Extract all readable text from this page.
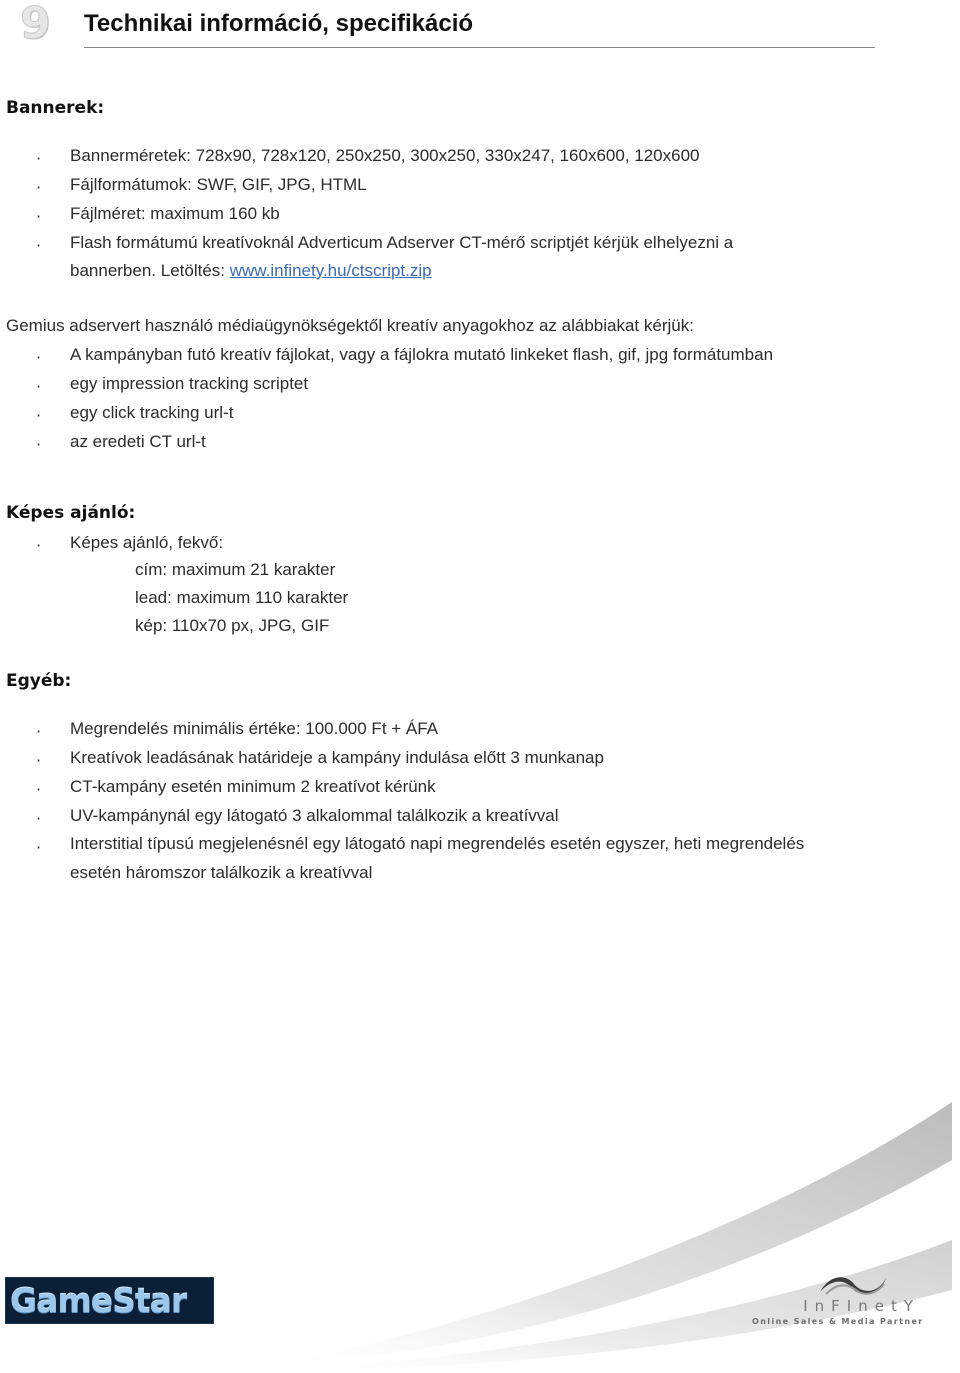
9 Technikai információ, specifikáció
Bannerek:
· Bannerméretek: 728x90, 728x120, 250x250, 300x250, 330x247, 160x600, 120x600
· Fájlformátumok: SWF, GIF, JPG, HTML
· Fájlméret: maximum 160 kb
· Flash formátumú kreatívoknál Adverticum Adserver CT-mérő scriptjét kérjük elhelyezni a
bannerben. Letöltés: www.infinety.hu/ctscript.zip
Gemius adservert használó médiaügynökségektől kreatív anyagokhoz az alábbiakat kérjük:
· A kampányban futó kreatív fájlokat, vagy a fájlokra mutató linkeket flash, gif, jpg formátumban
· egy impression tracking scriptet
· egy click tracking url-t
· az eredeti CT url-t
Képes ajánló:
· Képes ajánló, fekvő:
cím: maximum 21 karakter
lead: maximum 110 karakter
kép: 110x70 px, JPG, GIF
Egyéb:
· Megrendelés minimális értéke: 100.000 Ft + ÁFA
· Kreatívok leadásának határideje a kampány indulása előtt 3 munkanap
· CT-kampány esetén minimum 2 kreatívot kérünk
· UV-kampánynál egy látogató 3 alkalommal találkozik a kreatívval
· Interstitial típusú megjelenésnél egy látogató napi megrendelés esetén egyszer, heti megrendelés esetén háromszor találkozik a kreatívval
GameStar	InFInetY
Online Sales & Media Partner
